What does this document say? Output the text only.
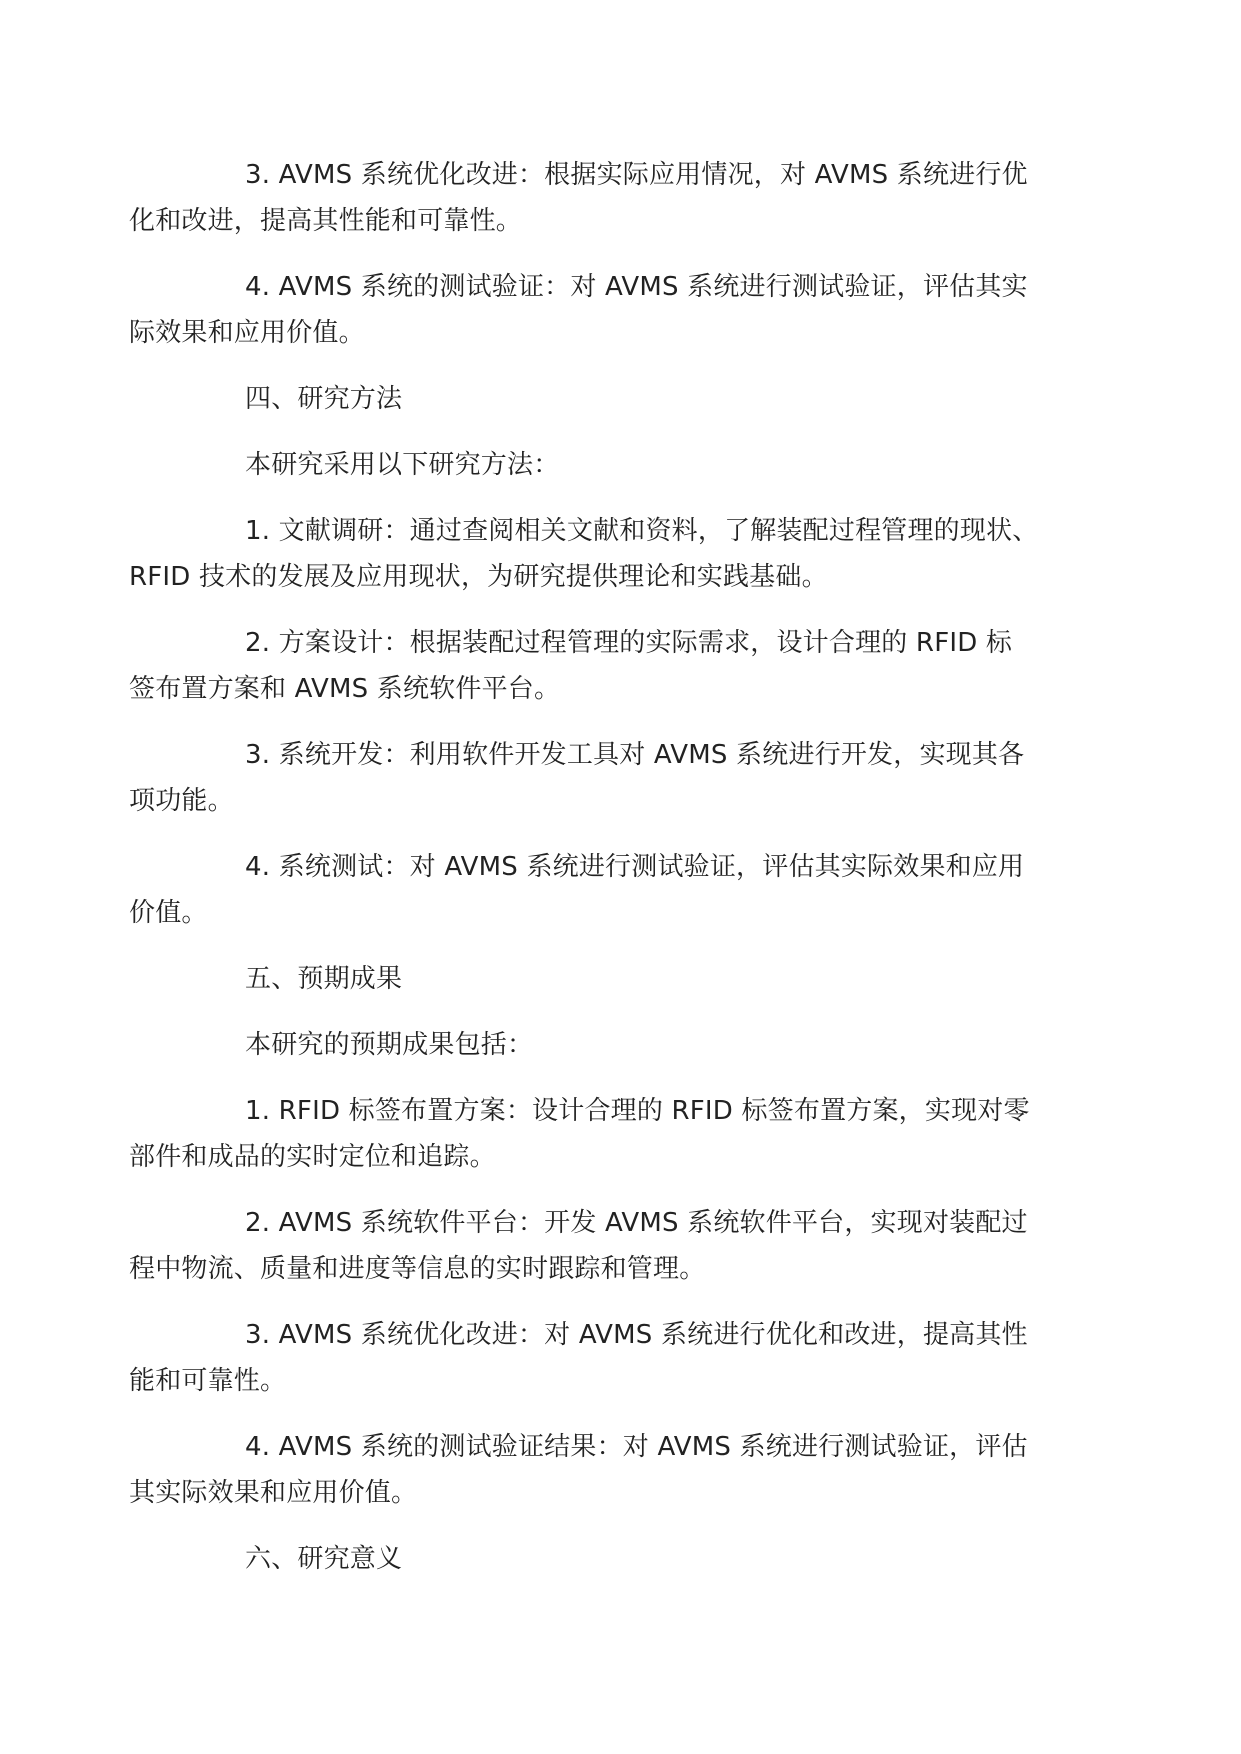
3. AVMS 系统优化改进：根据实际应用情况，对 AVMS 系统进行优
化和改进，提高其性能和可靠性。
4. AVMS 系统的测试验证：对 AVMS 系统进行测试验证，评估其实
际效果和应用价值。
四、研究方法
本研究采用以下研究方法：
1. 文献调研：通过查阅相关文献和资料，了解装配过程管理的现状、
RFID 技术的发展及应用现状，为研究提供理论和实践基础。
2. 方案设计：根据装配过程管理的实际需求，设计合理的 RFID 标
签布置方案和 AVMS 系统软件平台。
3. 系统开发：利用软件开发工具对 AVMS 系统进行开发，实现其各
项功能。
4. 系统测试：对 AVMS 系统进行测试验证，评估其实际效果和应用
价值。
五、预期成果
本研究的预期成果包括：
1. RFID 标签布置方案：设计合理的 RFID 标签布置方案，实现对零
部件和成品的实时定位和追踪。
2. AVMS 系统软件平台：开发 AVMS 系统软件平台，实现对装配过
程中物流、质量和进度等信息的实时跟踪和管理。
3. AVMS 系统优化改进：对 AVMS 系统进行优化和改进，提高其性
能和可靠性。
4. AVMS 系统的测试验证结果：对 AVMS 系统进行测试验证，评估
其实际效果和应用价值。
六、研究意义
